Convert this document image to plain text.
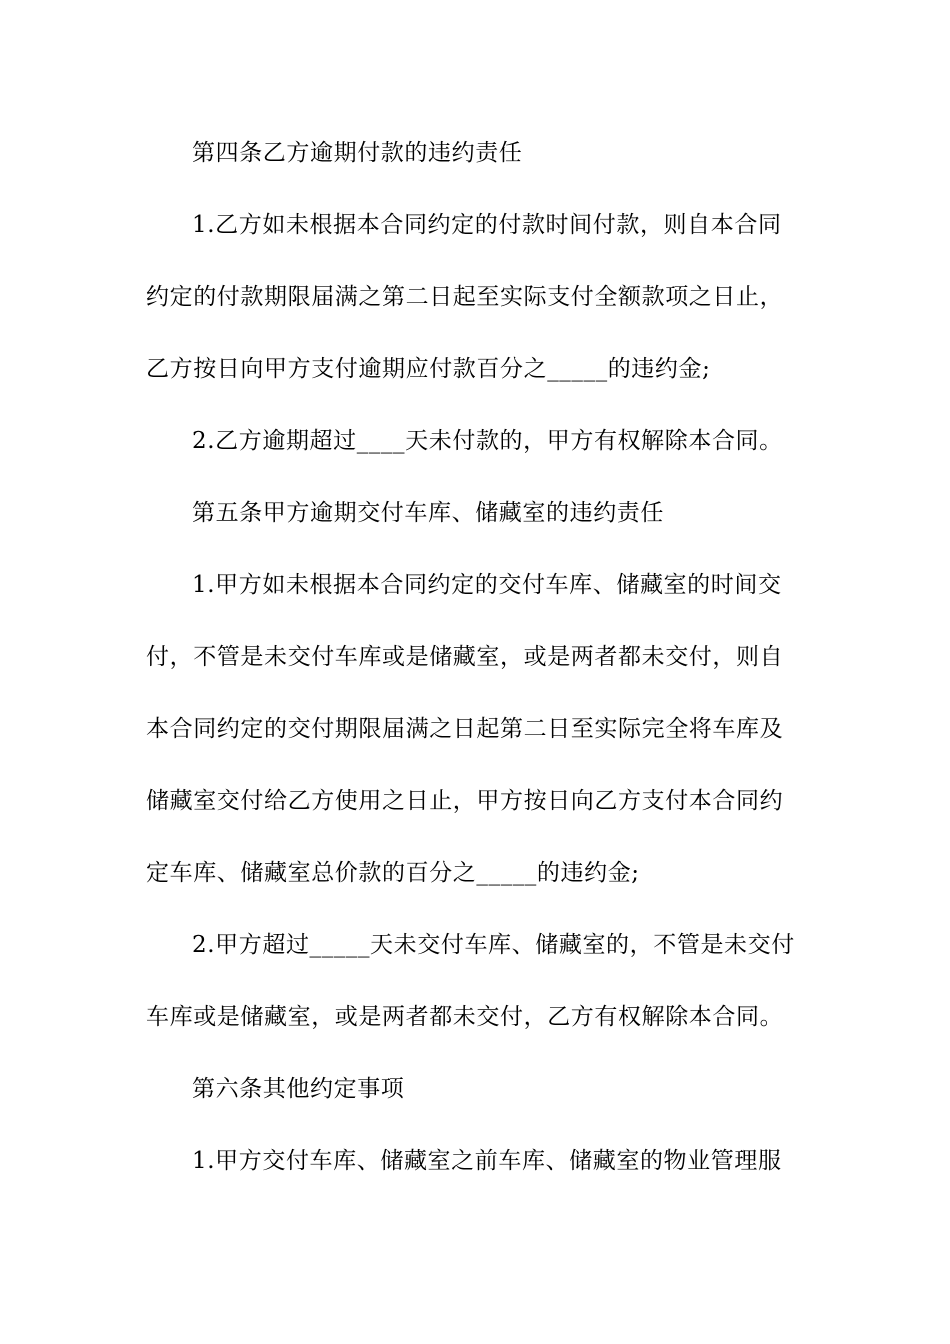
第四条乙方逾期付款的违约责任
1.乙方如未根据本合同约定的付款时间付款，则自本合同
约定的付款期限届满之第二日起至实际支付全额款项之日止，
乙方按日向甲方支付逾期应付款百分之_____的违约金;
2.乙方逾期超过____天未付款的，甲方有权解除本合同。
第五条甲方逾期交付车库、储藏室的违约责任
1.甲方如未根据本合同约定的交付车库、储藏室的时间交
付，不管是未交付车库或是储藏室，或是两者都未交付，则自
本合同约定的交付期限届满之日起第二日至实际完全将车库及
储藏室交付给乙方使用之日止，甲方按日向乙方支付本合同约
定车库、储藏室总价款的百分之_____的违约金;
2.甲方超过_____天未交付车库、储藏室的，不管是未交付
车库或是储藏室，或是两者都未交付，乙方有权解除本合同。
第六条其他约定事项
1.甲方交付车库、储藏室之前车库、储藏室的物业管理服
